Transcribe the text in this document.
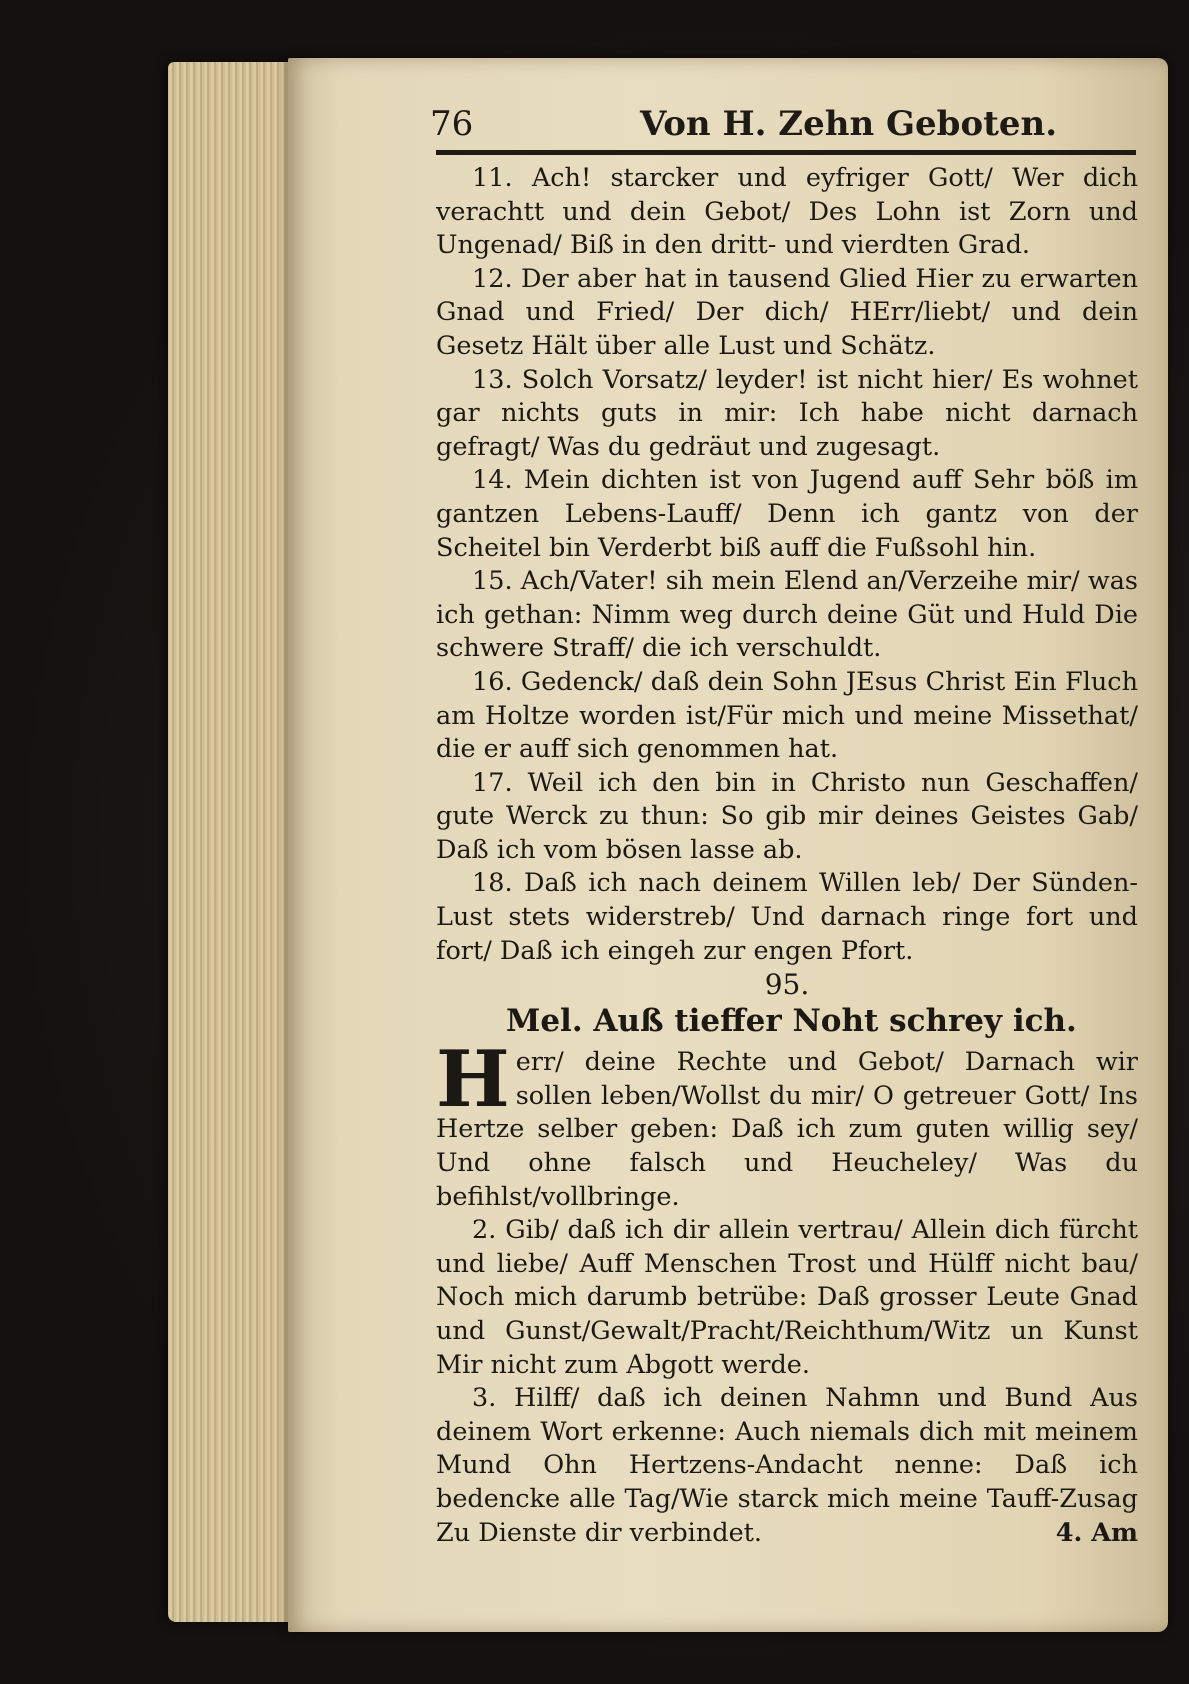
76	Von H. Zehn Geboten.

11. Ach! starcker und eyfriger Gott/ Wer dich verachtt und dein Gebot/ Des Lohn ist Zorn und Ungenad/ Biß in den dritt- und vierdten Grad.

12. Der aber hat in tausend Glied Hier zu erwarten Gnad und Fried/ Der dich/ HErr/liebt/ und dein Gesetz Hält über alle Lust und Schätz.

13. Solch Vorsatz/ leyder! ist nicht hier/ Es wohnet gar nichts guts in mir: Ich habe nicht darnach gefragt/ Was du gedräut und zugesagt.

14. Mein dichten ist von Jugend auff Sehr böß im gantzen Lebens-Lauff/ Denn ich gantz von der Scheitel bin Verderbt biß auff die Fußsohl hin.

15. Ach/Vater! sih mein Elend an/Verzeihe mir/ was ich gethan: Nimm weg durch deine Güt und Huld Die schwere Straff/ die ich verschuldt.

16. Gedenck/ daß dein Sohn JEsus Christ Ein Fluch am Holtze worden ist/Für mich und meine Missethat/ die er auff sich genommen hat.

17. Weil ich den bin in Christo nun Geschaffen/ gute Werck zu thun: So gib mir deines Geistes Gab/ Daß ich vom bösen lasse ab.

18. Daß ich nach deinem Willen leb/ Der Sünden-Lust stets widerstreb/ Und darnach ringe fort und fort/ Daß ich eingeh zur engen Pfort.

95.

Mel. Auß tieffer Noht schrey ich.

Herr/ deine Rechte und Gebot/ Darnach wir sollen leben/Wollst du mir/ O getreuer Gott/ Ins Hertze selber geben: Daß ich zum guten willig sey/ Und ohne falsch und Heucheley/ Was du befihlst/vollbringe.

2. Gib/ daß ich dir allein vertrau/ Allein dich fürcht und liebe/ Auff Menschen Trost und Hülff nicht bau/ Noch mich darumb betrübe: Daß grosser Leute Gnad und Gunst/Gewalt/Pracht/Reichthum/Witz un Kunst Mir nicht zum Abgott werde.

3. Hilff/ daß ich deinen Nahmn und Bund Aus deinem Wort erkenne: Auch niemals dich mit meinem Mund Ohn Hertzens-Andacht nenne: Daß ich bedencke alle Tag/Wie starck mich meine Tauff-Zusag Zu Dienste dir verbindet.	4. Am
